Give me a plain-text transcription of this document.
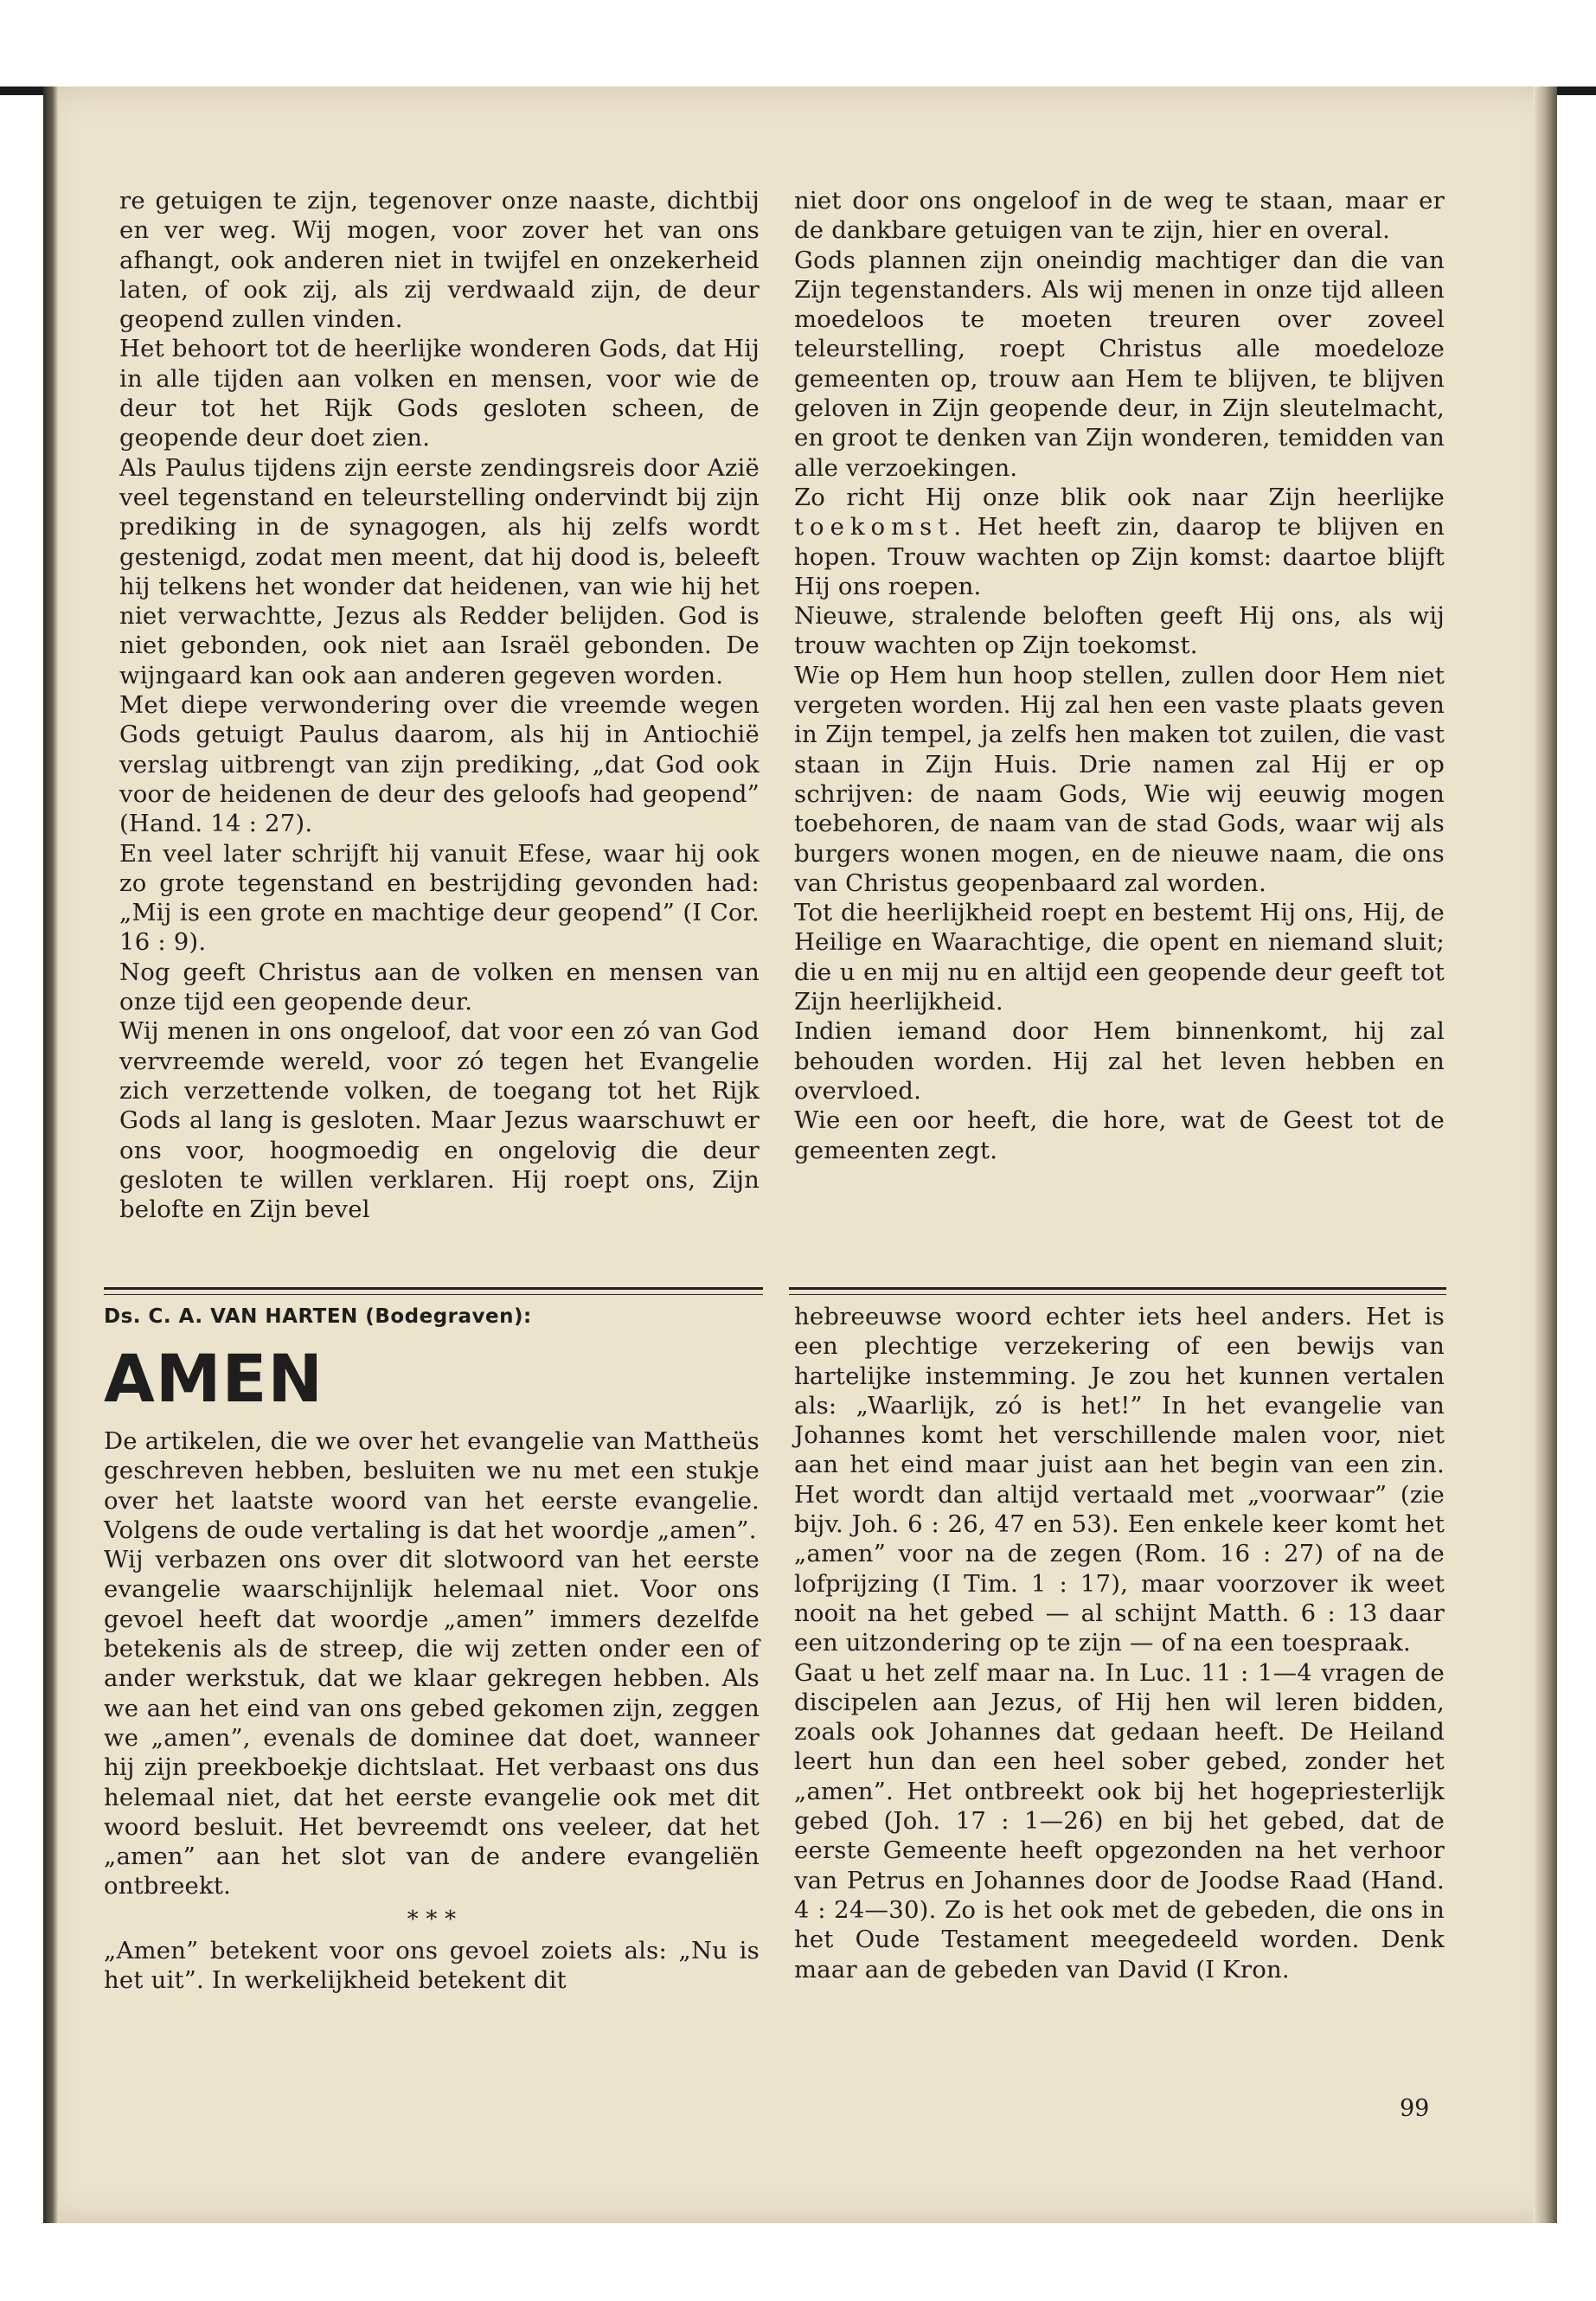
re getuigen te zijn, tegenover onze naaste, dichtbij en ver weg. Wij mogen, voor zover het van ons afhangt, ook anderen niet in twijfel en onzekerheid laten, of ook zij, als zij verdwaald zijn, de deur geopend zullen vinden.

Het behoort tot de heerlijke wonderen Gods, dat Hij in alle tijden aan volken en mensen, voor wie de deur tot het Rijk Gods gesloten scheen, de geopende deur doet zien.

Als Paulus tijdens zijn eerste zendingsreis door Azië veel tegenstand en teleurstelling ondervindt bij zijn prediking in de synagogen, als hij zelfs wordt gestenigd, zodat men meent, dat hij dood is, beleeft hij telkens het wonder dat heidenen, van wie hij het niet verwachtte, Jezus als Redder belijden. God is niet gebonden, ook niet aan Israël gebonden. De wijngaard kan ook aan anderen gegeven worden.

Met diepe verwondering over die vreemde wegen Gods getuigt Paulus daarom, als hij in Antiochië verslag uitbrengt van zijn prediking, „dat God ook voor de heidenen de deur des geloofs had geopend” (Hand. 14 : 27).

En veel later schrijft hij vanuit Efese, waar hij ook zo grote tegenstand en bestrijding gevonden had: „Mij is een grote en machtige deur geopend” (I Cor. 16 : 9).

Nog geeft Christus aan de volken en mensen van onze tijd een geopende deur.

Wij menen in ons ongeloof, dat voor een zó van God vervreemde wereld, voor zó tegen het Evangelie zich verzettende volken, de toegang tot het Rijk Gods al lang is gesloten. Maar Jezus waarschuwt er ons voor, hoogmoedig en ongelovig die deur gesloten te willen verklaren. Hij roept ons, Zijn belofte en Zijn bevel

niet door ons ongeloof in de weg te staan, maar er de dankbare getuigen van te zijn, hier en overal.

Gods plannen zijn oneindig machtiger dan die van Zijn tegenstanders. Als wij menen in onze tijd alleen moedeloos te moeten treuren over zoveel teleurstelling, roept Christus alle moedeloze gemeenten op, trouw aan Hem te blijven, te blijven geloven in Zijn geopende deur, in Zijn sleutelmacht, en groot te denken van Zijn wonderen, temidden van alle verzoekingen.

Zo richt Hij onze blik ook naar Zijn heerlijke toekomst. Het heeft zin, daarop te blijven en hopen. Trouw wachten op Zijn komst: daartoe blijft Hij ons roepen.

Nieuwe, stralende beloften geeft Hij ons, als wij trouw wachten op Zijn toekomst.

Wie op Hem hun hoop stellen, zullen door Hem niet vergeten worden. Hij zal hen een vaste plaats geven in Zijn tempel, ja zelfs hen maken tot zuilen, die vast staan in Zijn Huis. Drie namen zal Hij er op schrijven: de naam Gods, Wie wij eeuwig mogen toebehoren, de naam van de stad Gods, waar wij als burgers wonen mogen, en de nieuwe naam, die ons van Christus geopenbaard zal worden.

Tot die heerlijkheid roept en bestemt Hij ons, Hij, de Heilige en Waarachtige, die opent en niemand sluit; die u en mij nu en altijd een geopende deur geeft tot Zijn heerlijkheid.

Indien iemand door Hem binnenkomt, hij zal behouden worden. Hij zal het leven hebben en overvloed.

Wie een oor heeft, die hore, wat de Geest tot de gemeenten zegt.

Ds. C. A. VAN HARTEN (Bodegraven):

AMEN

De artikelen, die we over het evangelie van Mattheüs geschreven hebben, besluiten we nu met een stukje over het laatste woord van het eerste evangelie. Volgens de oude vertaling is dat het woordje „amen”.

Wij verbazen ons over dit slotwoord van het eerste evangelie waarschijnlijk helemaal niet. Voor ons gevoel heeft dat woordje „amen” immers dezelfde betekenis als de streep, die wij zetten onder een of ander werkstuk, dat we klaar gekregen hebben. Als we aan het eind van ons gebed gekomen zijn, zeggen we „amen”, evenals de dominee dat doet, wanneer hij zijn preekboekje dichtslaat. Het verbaast ons dus helemaal niet, dat het eerste evangelie ook met dit woord besluit. Het bevreemdt ons veeleer, dat het „amen” aan het slot van de andere evangeliën ontbreekt.

* * *

„Amen” betekent voor ons gevoel zoiets als: „Nu is het uit”. In werkelijkheid betekent dit

hebreeuwse woord echter iets heel anders. Het is een plechtige verzekering of een bewijs van hartelijke instemming. Je zou het kunnen vertalen als: „Waarlijk, zó is het!” In het evangelie van Johannes komt het verschillende malen voor, niet aan het eind maar juist aan het begin van een zin. Het wordt dan altijd vertaald met „voorwaar” (zie bijv. Joh. 6 : 26, 47 en 53). Een enkele keer komt het „amen” voor na de zegen (Rom. 16 : 27) of na de lofprijzing (I Tim. 1 : 17), maar voorzover ik weet nooit na het gebed — al schijnt Matth. 6 : 13 daar een uitzondering op te zijn — of na een toespraak.

Gaat u het zelf maar na. In Luc. 11 : 1—4 vragen de discipelen aan Jezus, of Hij hen wil leren bidden, zoals ook Johannes dat gedaan heeft. De Heiland leert hun dan een heel sober gebed, zonder het „amen”. Het ontbreekt ook bij het hogepriesterlijk gebed (Joh. 17 : 1—26) en bij het gebed, dat de eerste Gemeente heeft opgezonden na het verhoor van Petrus en Johannes door de Joodse Raad (Hand. 4 : 24—30). Zo is het ook met de gebeden, die ons in het Oude Testament meegedeeld worden. Denk maar aan de gebeden van David (I Kron.

99
